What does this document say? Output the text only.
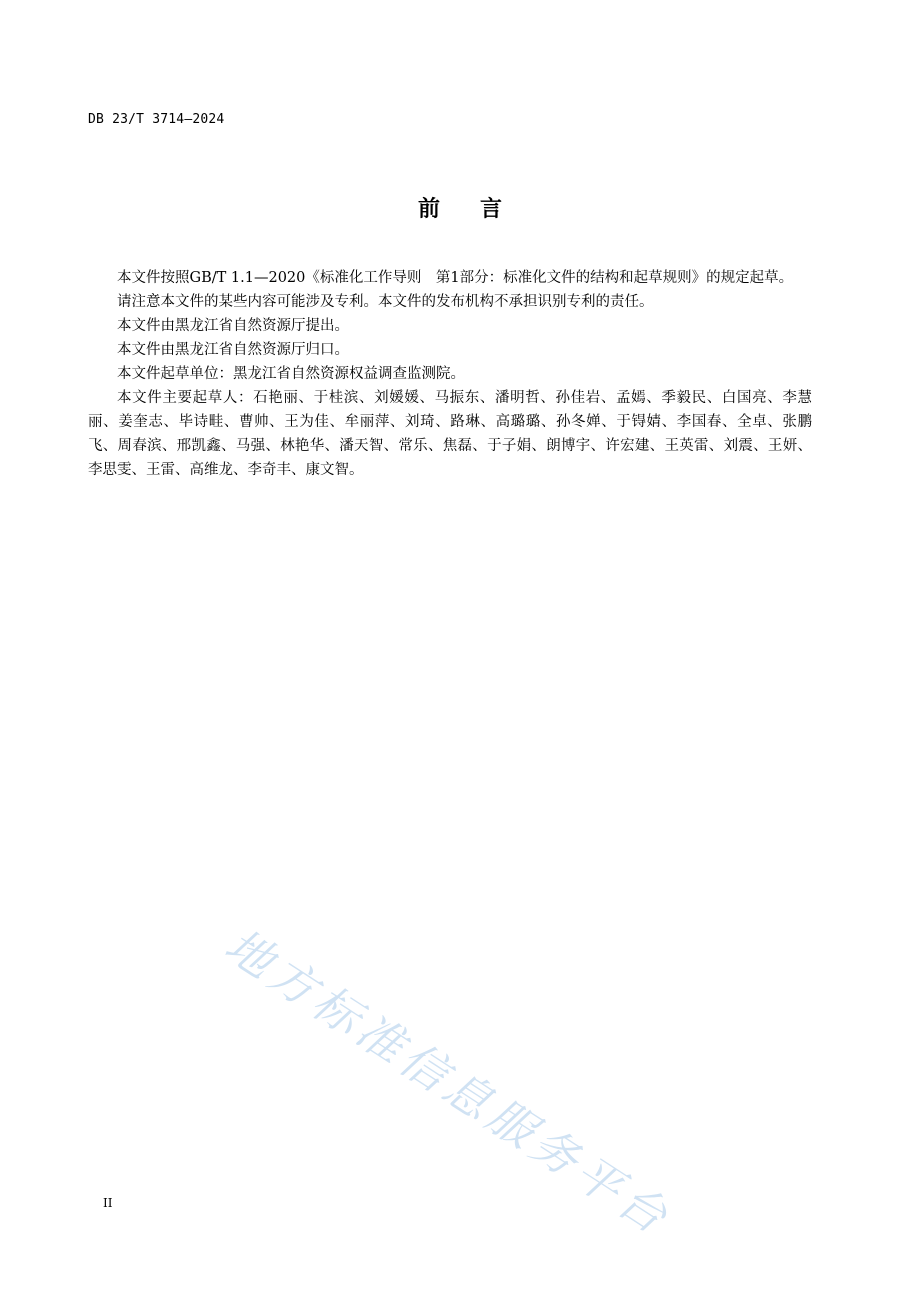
DB 23/T 3714—2024
前言

本文件按照GB/T 1.1—2020《标准化工作导则　第1部分：标准化文件的结构和起草规则》的规定起草。

请注意本文件的某些内容可能涉及专利。本文件的发布机构不承担识别专利的责任。

本文件由黑龙江省自然资源厅提出。

本文件由黑龙江省自然资源厅归口。

本文件起草单位：黑龙江省自然资源权益调查监测院。

本文件主要起草人：石艳丽、于桂滨、刘媛媛、马振东、潘明哲、孙佳岩、孟嫣、季毅民、白国亮、李慧丽、姜奎志、毕诗畦、曹帅、王为佳、牟丽萍、刘琦、路琳、高璐璐、孙冬婵、于锝婧、李国春、全卓、张鹏飞、周春滨、邢凯鑫、马强、林艳华、潘天智、常乐、焦磊、于子娟、朗博宇、许宏建、王英雷、刘震、王妍、李思雯、王雷、高维龙、李奇丰、康文智。

地方标准信息服务平台
II
